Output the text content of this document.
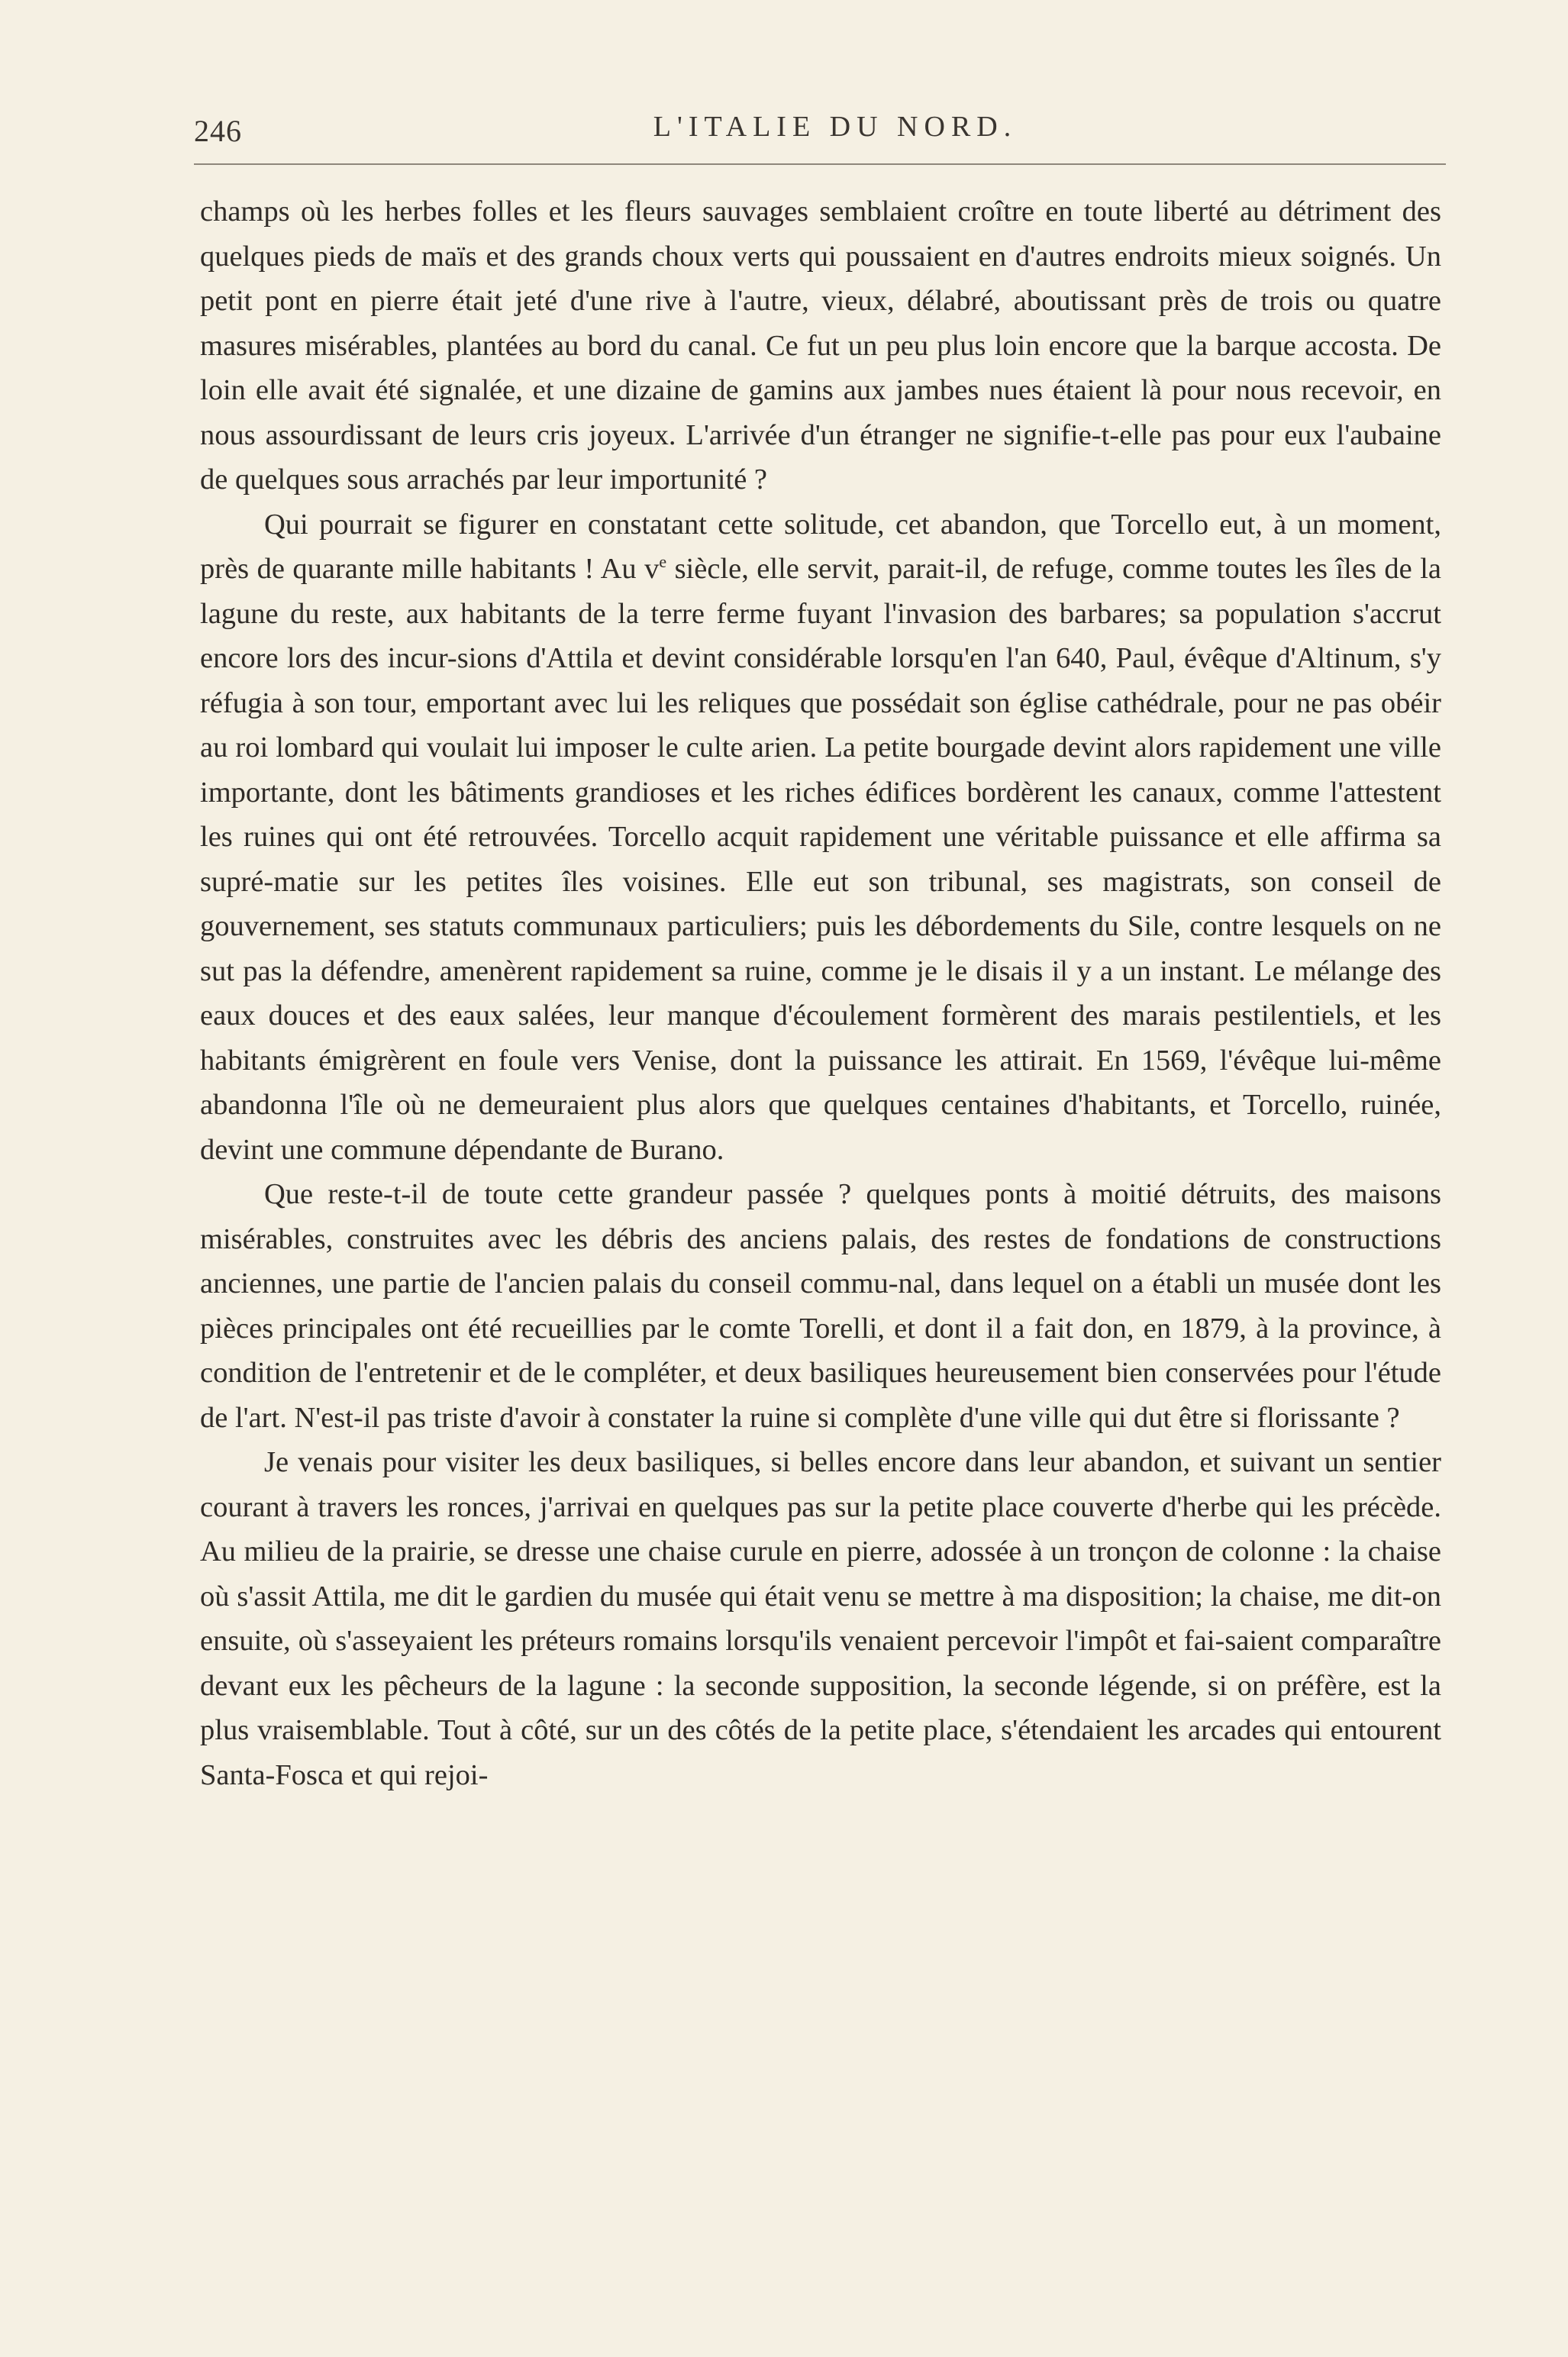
246	L'ITALIE DU NORD.

champs où les herbes folles et les fleurs sauvages semblaient croître en toute liberté au détriment des quelques pieds de maïs et des grands choux verts qui poussaient en d'autres endroits mieux soignés. Un petit pont en pierre était jeté d'une rive à l'autre, vieux, délabré, aboutissant près de trois ou quatre masures misérables, plantées au bord du canal. Ce fut un peu plus loin encore que la barque accosta. De loin elle avait été signalée, et une dizaine de gamins aux jambes nues étaient là pour nous recevoir, en nous assourdissant de leurs cris joyeux. L'arrivée d'un étranger ne signifie-t-elle pas pour eux l'aubaine de quelques sous arrachés par leur importunité ?

Qui pourrait se figurer en constatant cette solitude, cet abandon, que Torcello eut, à un moment, près de quarante mille habitants ! Au $v^e$ siècle, elle servit, parait-il, de refuge, comme toutes les îles de la lagune du reste, aux habitants de la terre ferme fuyant l'invasion des barbares; sa population s'accrut encore lors des incur-sions d'Attila et devint considérable lorsqu'en l'an 640, Paul, évêque d'Altinum, s'y réfugia à son tour, emportant avec lui les reliques que possédait son église cathédrale, pour ne pas obéir au roi lombard qui voulait lui imposer le culte arien. La petite bourgade devint alors rapidement une ville importante, dont les bâtiments grandioses et les riches édifices bordèrent les canaux, comme l'attestent les ruines qui ont été retrouvées. Torcello acquit rapidement une véritable puissance et elle affirma sa supré-matie sur les petites îles voisines. Elle eut son tribunal, ses magistrats, son conseil de gouvernement, ses statuts communaux particuliers; puis les débordements du Sile, contre lesquels on ne sut pas la défendre, amenèrent rapidement sa ruine, comme je le disais il y a un instant. Le mélange des eaux douces et des eaux salées, leur manque d'écoulement formèrent des marais pestilentiels, et les habitants émigrèrent en foule vers Venise, dont la puissance les attirait. En 1569, l'évêque lui-même abandonna l'île où ne demeuraient plus alors que quelques centaines d'habitants, et Torcello, ruinée, devint une commune dépendante de Burano.

Que reste-t-il de toute cette grandeur passée ? quelques ponts à moitié détruits, des maisons misérables, construites avec les débris des anciens palais, des restes de fondations de constructions anciennes, une partie de l'ancien palais du conseil commu-nal, dans lequel on a établi un musée dont les pièces principales ont été recueillies par le comte Torelli, et dont il a fait don, en 1879, à la province, à condition de l'entretenir et de le compléter, et deux basiliques heureusement bien conservées pour l'étude de l'art. N'est-il pas triste d'avoir à constater la ruine si complète d'une ville qui dut être si florissante ?

Je venais pour visiter les deux basiliques, si belles encore dans leur abandon, et suivant un sentier courant à travers les ronces, j'arrivai en quelques pas sur la petite place couverte d'herbe qui les précède. Au milieu de la prairie, se dresse une chaise curule en pierre, adossée à un tronçon de colonne : la chaise où s'assit Attila, me dit le gardien du musée qui était venu se mettre à ma disposition; la chaise, me dit-on ensuite, où s'asseyaient les préteurs romains lorsqu'ils venaient percevoir l'impôt et fai-saient comparaître devant eux les pêcheurs de la lagune : la seconde supposition, la seconde légende, si on préfère, est la plus vraisemblable. Tout à côté, sur un des côtés de la petite place, s'étendaient les arcades qui entourent Santa-Fosca et qui rejoi-
